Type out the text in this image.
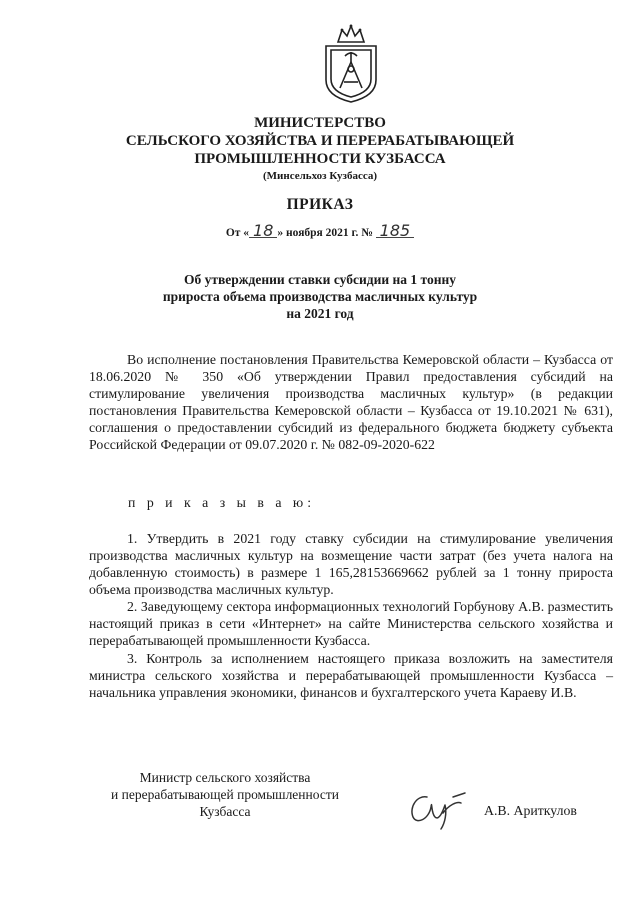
МИНИСТЕРСТВО
СЕЛЬСКОГО ХОЗЯЙСТВА И ПЕРЕРАБАТЫВАЮЩЕЙ
ПРОМЫШЛЕННОСТИ КУЗБАССА
(Минсельхоз Кузбасса)
ПРИКАЗ
От « 18 » ноября 2021 г. № 185
Об утверждении ставки субсидии на 1 тонну
прироста объема производства масличных культур
на 2021 год
Во исполнение постановления Правительства Кемеровской области – Кузбасса от 18.06.2020 № 350 «Об утверждении Правил предоставления субсидий на стимулирование увеличения производства масличных культур» (в редакции постановления Правительства Кемеровской области – Кузбасса от 19.10.2021 № 631), соглашения о предоставлении субсидий из федерального бюджета бюджету субъекта Российской Федерации от 09.07.2020 г. № 082-09-2020-622
п р и к а з ы в а ю:
1. Утвердить в 2021 году ставку субсидии на стимулирование увеличения производства масличных культур на возмещение части затрат (без учета налога на добавленную стоимость) в размере 1 165,28153669662 рублей за 1 тонну прироста объема производства масличных культур.
2. Заведующему сектора информационных технологий Горбунову А.В. разместить настоящий приказ в сети «Интернет» на сайте Министерства сельского хозяйства и перерабатывающей промышленности Кузбасса.
3. Контроль за исполнением настоящего приказа возложить на заместителя министра сельского хозяйства и перерабатывающей промышленности Кузбасса – начальника управления экономики, финансов и бухгалтерского учета Караеву И.В.
Министр сельского хозяйства
и перерабатывающей промышленности
Кузбасса	А.В. Ариткулов
